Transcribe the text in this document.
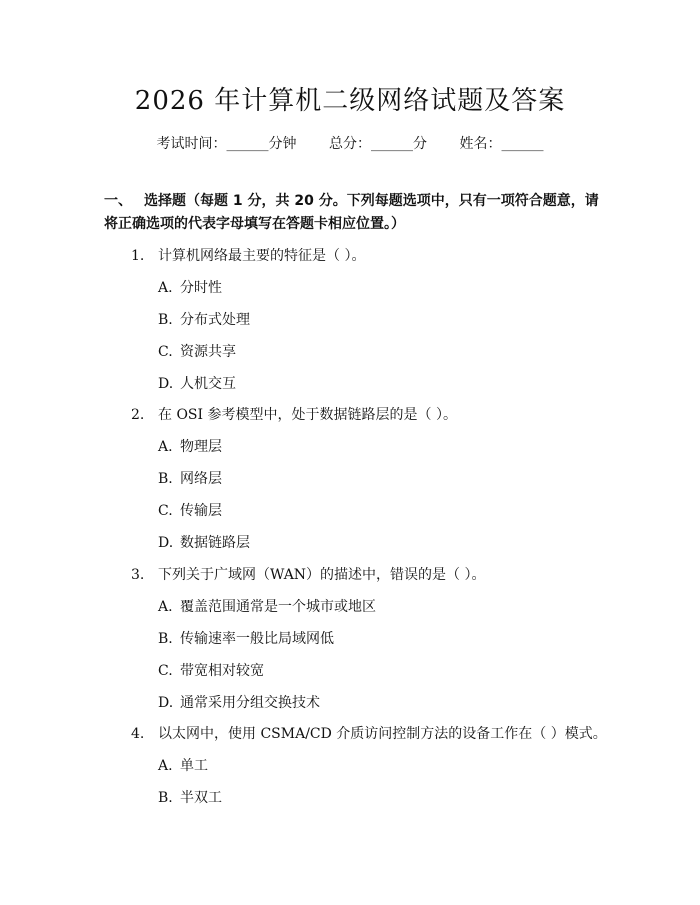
2026 年计算机二级网络试题及答案
考试时间：______分钟 总分：______分 姓名：______
一、 选择题（每题 1 分，共 20 分。下列每题选项中，只有一项符合题意，请将正确选项的代表字母填写在答题卡相应位置。）
1. 计算机网络最主要的特征是（ ）。
A. 分时性
B. 分布式处理
C. 资源共享
D. 人机交互
2. 在 OSI 参考模型中，处于数据链路层的是（ ）。
A. 物理层
B. 网络层
C. 传输层
D. 数据链路层
3. 下列关于广域网（WAN）的描述中，错误的是（ ）。
A. 覆盖范围通常是一个城市或地区
B. 传输速率一般比局域网低
C. 带宽相对较宽
D. 通常采用分组交换技术
4. 以太网中，使用 CSMA/CD 介质访问控制方法的设备工作在（ ）模式。
A. 单工
B. 半双工
